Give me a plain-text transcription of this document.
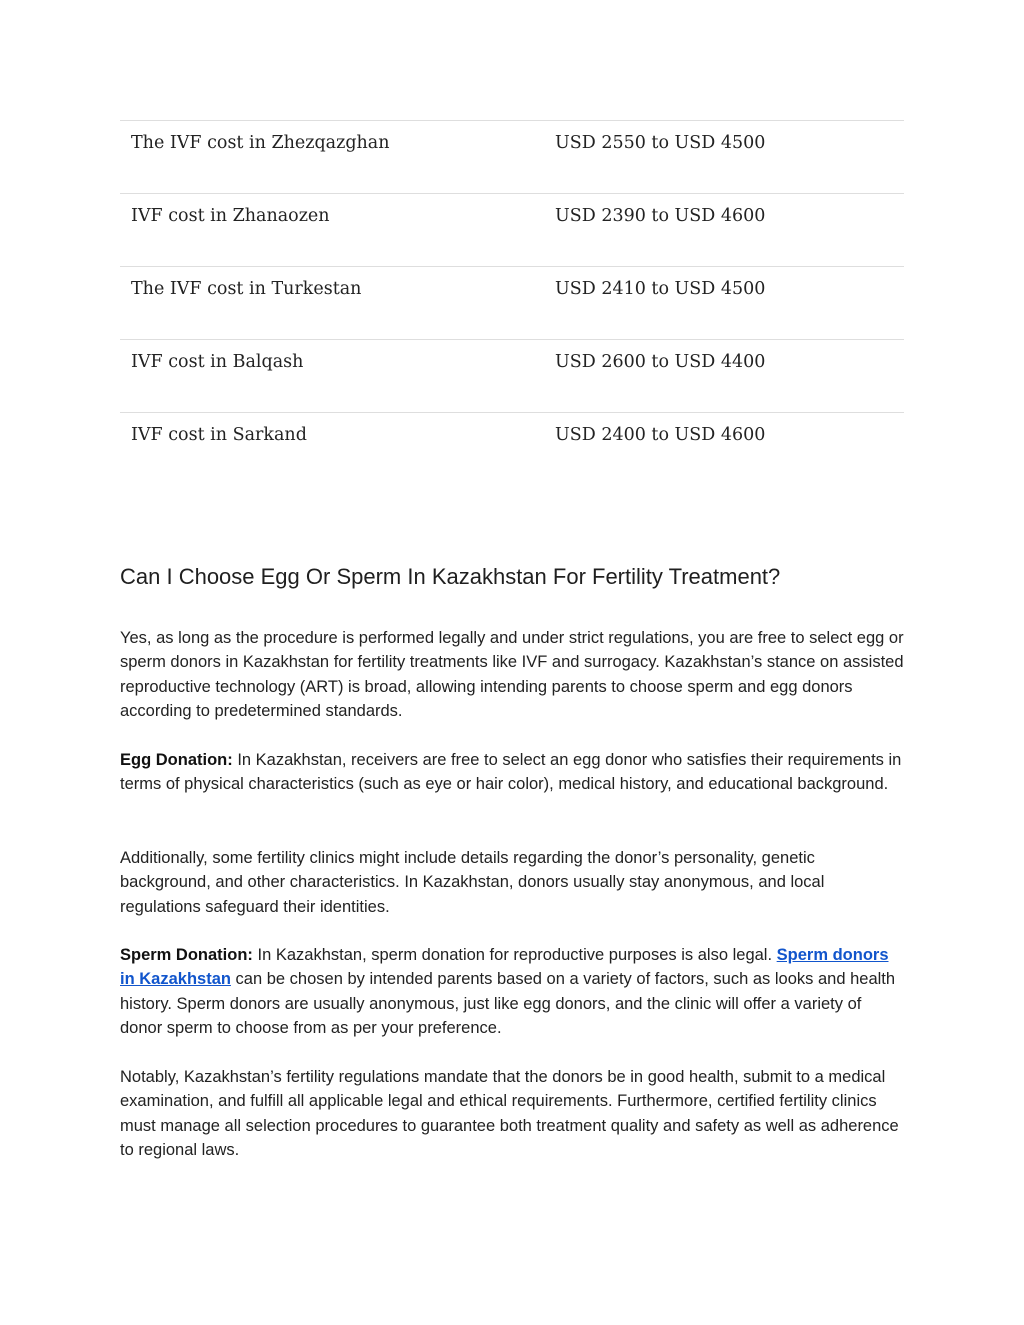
The IVF cost in Zhezqazghan	USD 2550 to USD 4500
IVF cost in Zhanaozen	USD 2390 to USD 4600
The IVF cost in Turkestan	USD 2410 to USD 4500
IVF cost in Balqash	USD 2600 to USD 4400
IVF cost in Sarkand	USD 2400 to USD 4600
Can I Choose Egg Or Sperm In Kazakhstan For Fertility Treatment?

Yes, as long as the procedure is performed legally and under strict regulations, you are free to select egg or sperm donors in Kazakhstan for fertility treatments like IVF and surrogacy. Kazakhstan’s stance on assisted reproductive technology (ART) is broad, allowing intending parents to choose sperm and egg donors according to predetermined standards.

Egg Donation: In Kazakhstan, receivers are free to select an egg donor who satisfies their requirements in terms of physical characteristics (such as eye or hair color), medical history, and educational background.

Additionally, some fertility clinics might include details regarding the donor’s personality, genetic background, and other characteristics. In Kazakhstan, donors usually stay anonymous, and local regulations safeguard their identities.

Sperm Donation: In Kazakhstan, sperm donation for reproductive purposes is also legal. Sperm donors in Kazakhstan can be chosen by intended parents based on a variety of factors, such as looks and health history. Sperm donors are usually anonymous, just like egg donors, and the clinic will offer a variety of donor sperm to choose from as per your preference.

Notably, Kazakhstan’s fertility regulations mandate that the donors be in good health, submit to a medical examination, and fulfill all applicable legal and ethical requirements. Furthermore, certified fertility clinics must manage all selection procedures to guarantee both treatment quality and safety as well as adherence to regional laws.
